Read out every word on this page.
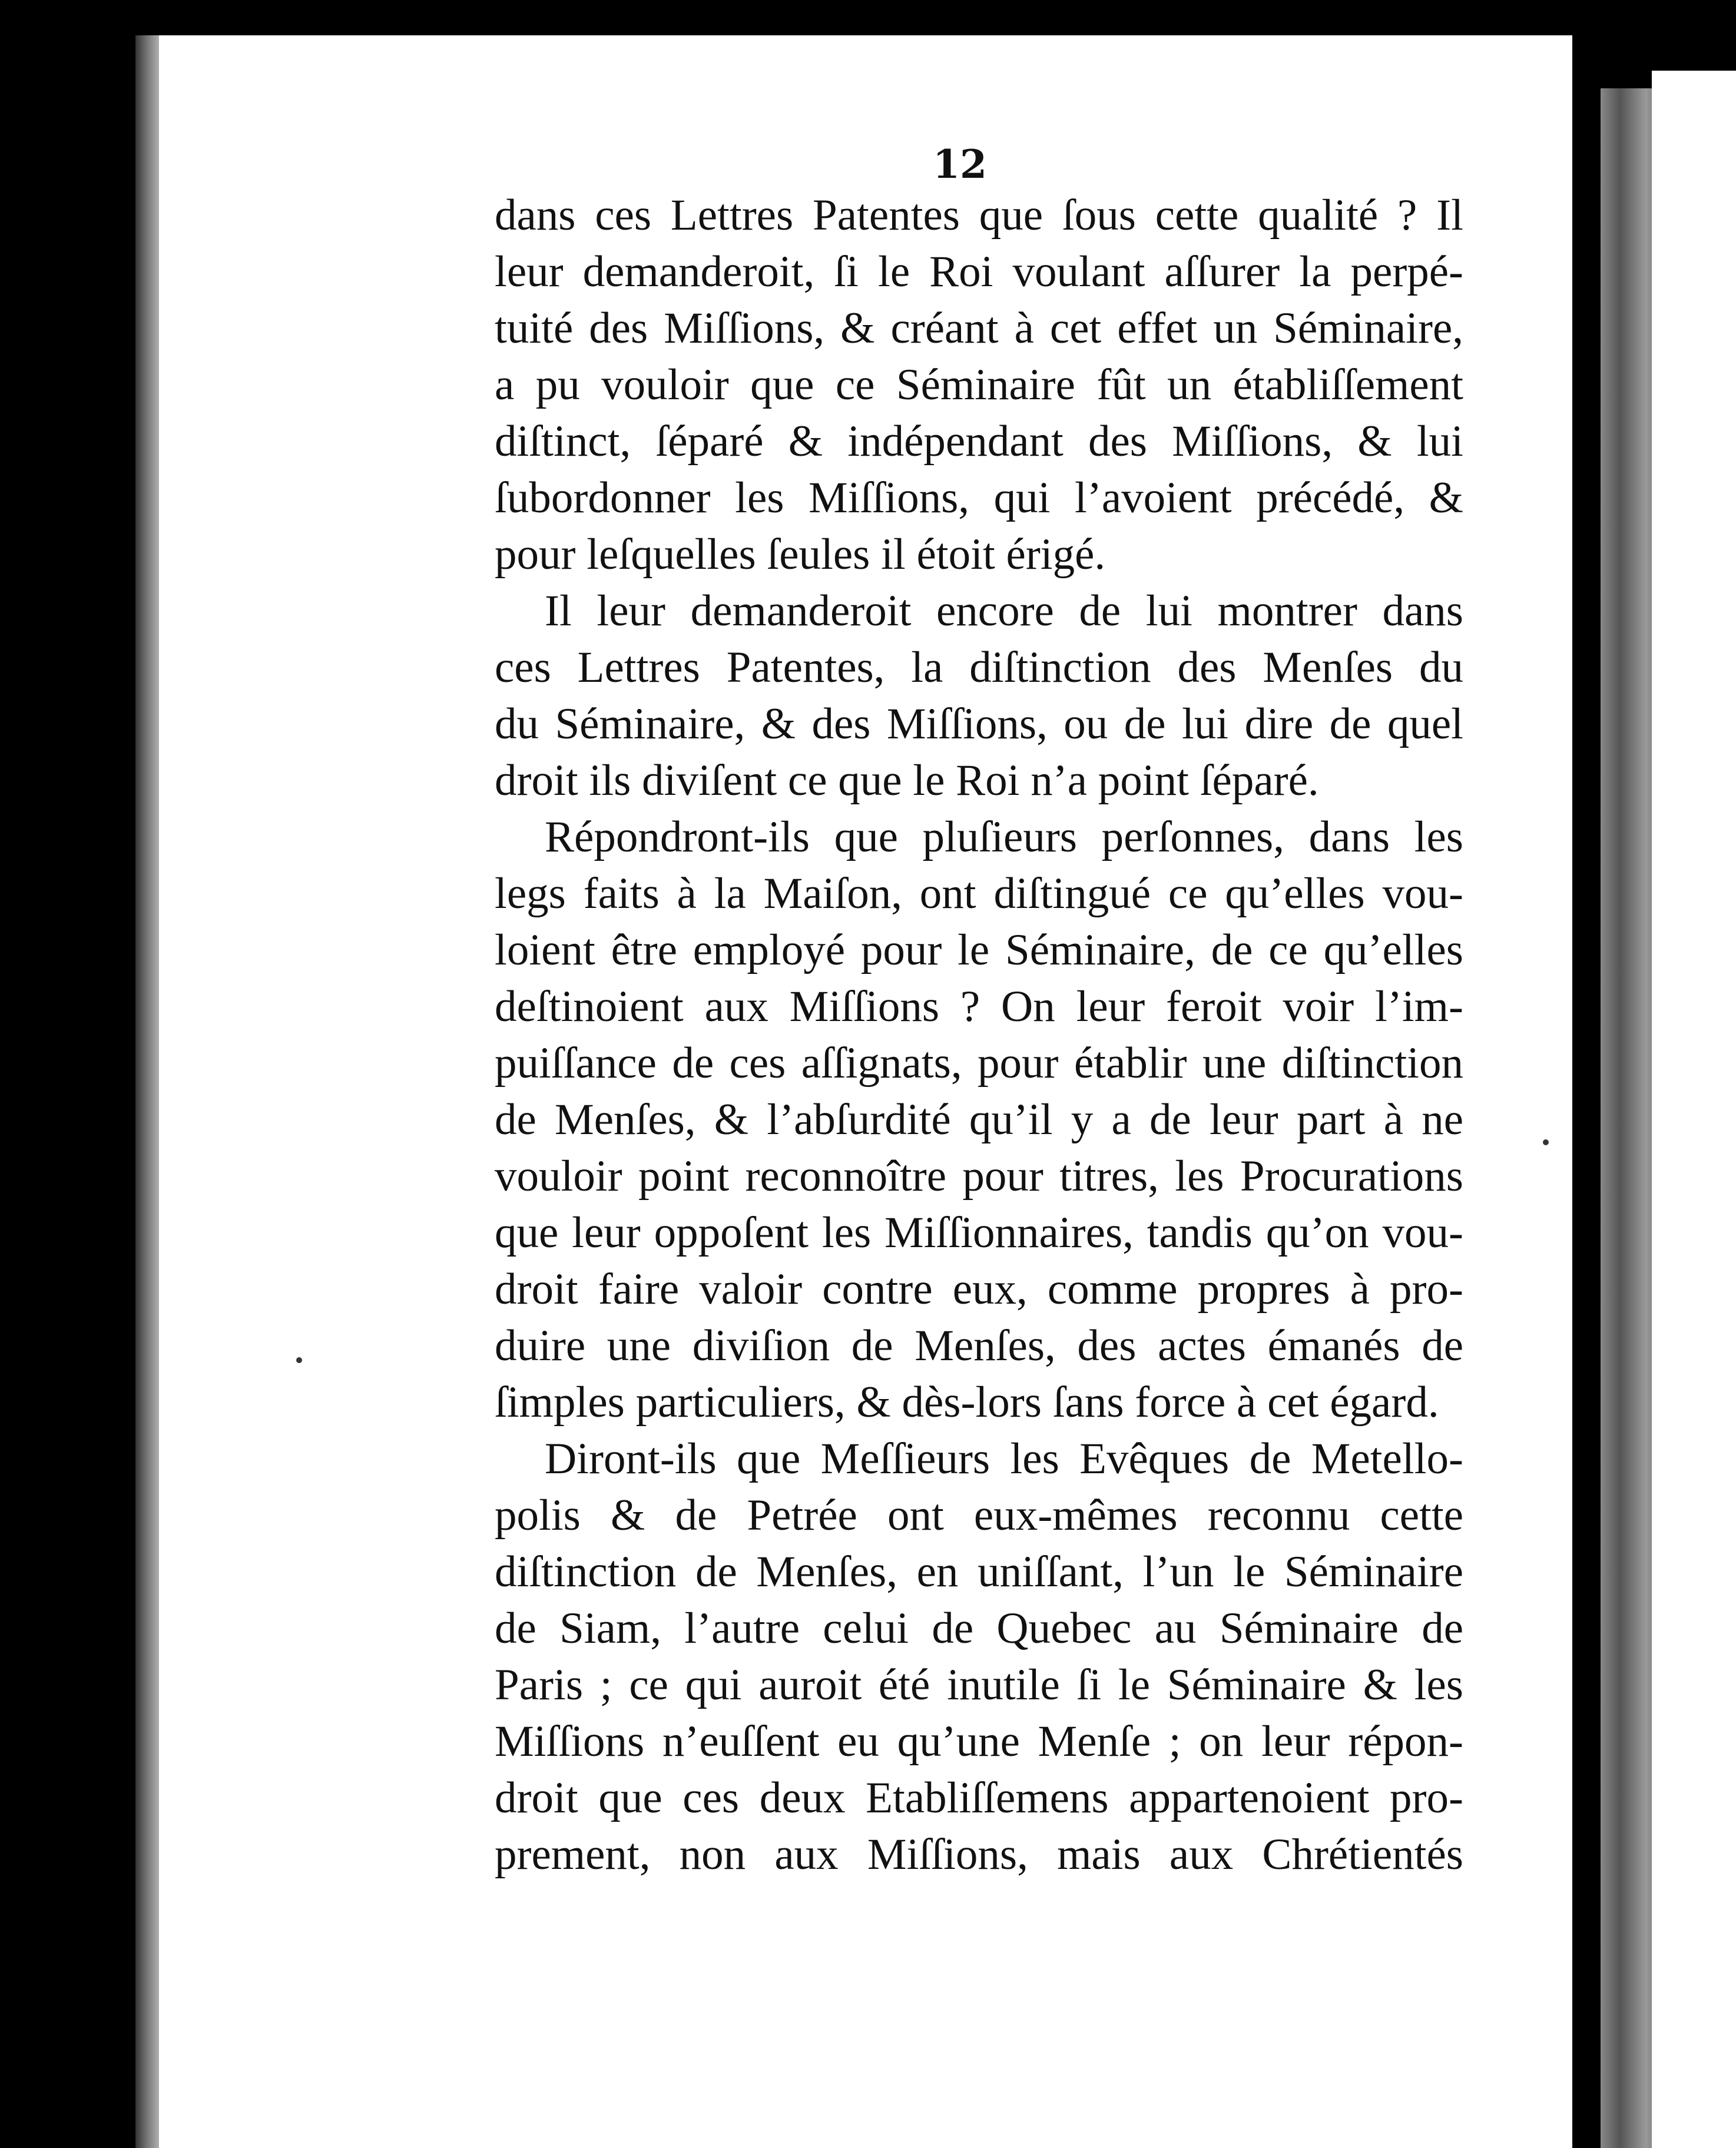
12
dans ces Lettres Patentes que ſous cette qualité ? Il
leur demanderoit, ſi le Roi voulant aſſurer la perpé-
tuité des Miſſions, & créant à cet effet un Séminaire,
a pu vouloir que ce Séminaire fût un établiſſement
diſtinct, ſéparé & indépendant des Miſſions, & lui
ſubordonner les Miſſions, qui l’avoient précédé, &
pour leſquelles ſeules il étoit érigé.
Il leur demanderoit encore de lui montrer dans
ces Lettres Patentes, la diſtinction des Menſes du
du Séminaire, & des Miſſions, ou de lui dire de quel
droit ils diviſent ce que le Roi n’a point ſéparé.
Répondront-ils que pluſieurs perſonnes, dans les
legs faits à la Maiſon, ont diſtingué ce qu’elles vou-
loient être employé pour le Séminaire, de ce qu’elles
deſtinoient aux Miſſions ? On leur feroit voir l’im-
puiſſance de ces aſſignats, pour établir une diſtinction
de Menſes, & l’abſurdité qu’il y a de leur part à ne
vouloir point reconnoître pour titres, les Procurations
que leur oppoſent les Miſſionnaires, tandis qu’on vou-
droit faire valoir contre eux, comme propres à pro-
duire une diviſion de Menſes, des actes émanés de
ſimples particuliers, & dès-lors ſans force à cet égard.
Diront-ils que Meſſieurs les Evêques de Metello-
polis & de Petrée ont eux-mêmes reconnu cette
diſtinction de Menſes, en uniſſant, l’un le Séminaire
de Siam, l’autre celui de Quebec au Séminaire de
Paris ; ce qui auroit été inutile ſi le Séminaire & les
Miſſions n’euſſent eu qu’une Menſe ; on leur répon-
droit que ces deux Etabliſſemens appartenoient pro-
prement, non aux Miſſions, mais aux Chrétientés
